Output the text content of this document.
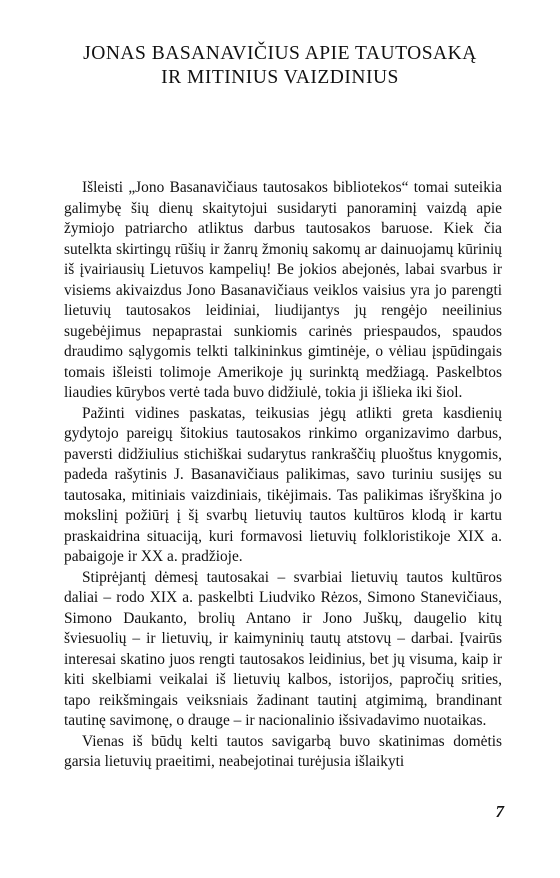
JONAS BASANAVIČIUS APIE TAUTOSAKĄ
IR MITINIUS VAIZDINIUS

Išleisti „Jono Basanavičiaus tautosakos bibliotekos“ tomai suteikia galimybę šių dienų skaitytojui susidaryti panoraminį vaizdą apie žymiojo patriarcho atliktus darbus tautosakos baruose. Kiek čia sutelkta skirtingų rūšių ir žanrų žmonių sakomų ar dainuojamų kūrinių iš įvairiausių Lietuvos kampelių! Be jokios abejonės, labai svarbus ir visiems akivaizdus Jono Basanavičiaus veiklos vaisius yra jo parengti lietuvių tautosakos leidiniai, liudijantys jų rengėjo neeilinius sugebėjimus nepaprastai sunkiomis carinės priespaudos, spaudos draudimo sąlygomis telkti talkininkus gimtinėje, o vėliau įspūdingais tomais išleisti tolimoje Amerikoje jų surinktą medžiagą. Paskelbtos liaudies kūrybos vertė tada buvo didžiulė, tokia ji išlieka iki šiol.

Pažinti vidines paskatas, teikusias jėgų atlikti greta kasdienių gydytojo pareigų šitokius tautosakos rinkimo organizavimo darbus, paversti didžiulius stichiškai sudarytus rankraščių pluoštus knygomis, padeda rašytinis J. Basanavičiaus palikimas, savo turiniu susijęs su tautosaka, mitiniais vaizdiniais, tikėjimais. Tas palikimas išryškina jo mokslinį požiūrį į šį svarbų lietuvių tautos kultūros klodą ir kartu praskaidrina situaciją, kuri formavosi lietuvių folkloristikoje XIX a. pabaigoje ir XX a. pradžioje.

Stiprėjantį dėmesį tautosakai – svarbiai lietuvių tautos kultūros daliai – rodo XIX a. paskelbti Liudviko Rėzos, Simono Stanevičiaus, Simono Daukanto, brolių Antano ir Jono Juškų, daugelio kitų šviesuolių – ir lietuvių, ir kaimyninių tautų atstovų – darbai. Įvairūs interesai skatino juos rengti tautosakos leidinius, bet jų visuma, kaip ir kiti skelbiami veikalai iš lietuvių kalbos, istorijos, papročių srities, tapo reikšmingais veiksniais žadinant tautinį atgimimą, brandinant tautinę savimonę, o drauge – ir nacionalinio išsivadavimo nuotaikas.

Vienas iš būdų kelti tautos savigarbą buvo skatinimas domėtis garsia lietuvių praeitimi, neabejotinai turėjusia išlaikyti

7
